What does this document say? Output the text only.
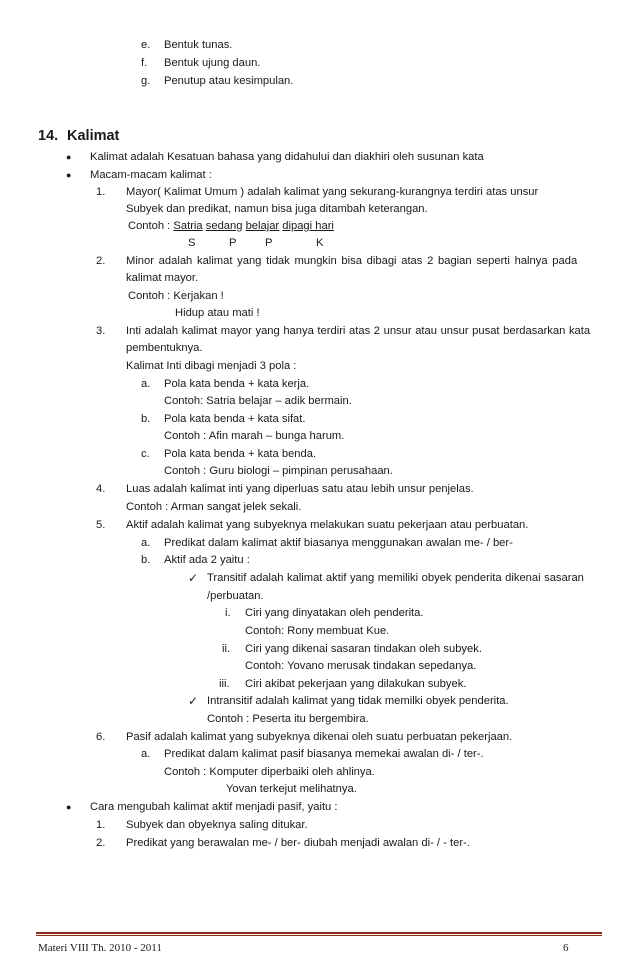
e. Bentuk tunas.
f. Bentuk ujung daun.
g. Penutup atau kesimpulan.
14. Kalimat
● Kalimat adalah Kesatuan bahasa yang didahului dan diakhiri oleh susunan kata
● Macam-macam kalimat :
1. Mayor( Kalimat Umum ) adalah kalimat yang sekurang-kurangnya terdiri atas unsur
Subyek dan predikat, namun bisa juga ditambah keterangan.
Contoh : Satria sedang belajar dipagi hari
S	P	P	K
2. Minor adalah kalimat yang tidak mungkin bisa dibagi atas 2 bagian seperti halnya pada
kalimat mayor.
Contoh : Kerjakan !
Hidup atau mati !
3. Inti adalah kalimat mayor yang hanya terdiri atas 2 unsur atau unsur pusat berdasarkan kata
pembentuknya.
Kalimat Inti dibagi menjadi 3 pola :
a. Pola kata benda + kata kerja.
Contoh: Satria belajar – adik bermain.
b. Pola kata benda + kata sifat.
Contoh : Afin marah – bunga harum.
c. Pola kata benda + kata benda.
Contoh : Guru biologi – pimpinan perusahaan.
4. Luas adalah kalimat inti yang diperluas satu atau lebih unsur penjelas.
Contoh : Arman sangat jelek sekali.
5. Aktif adalah kalimat yang subyeknya melakukan suatu pekerjaan atau perbuatan.
a. Predikat dalam kalimat aktif biasanya menggunakan awalan me- / ber-
b. Aktif ada 2 yaitu :
✓ Transitif adalah kalimat aktif yang memiliki obyek penderita dikenai sasaran
/perbuatan.
i. Ciri yang dinyatakan oleh penderita.
Contoh: Rony membuat Kue.
ii. Ciri yang dikenai sasaran tindakan oleh subyek.
Contoh: Yovano merusak tindakan sepedanya.
iii. Ciri akibat pekerjaan yang dilakukan subyek.
✓ Intransitif adalah kalimat yang tidak memilki obyek penderita.
Contoh : Peserta itu bergembira.
6. Pasif adalah kalimat yang subyeknya dikenai oleh suatu perbuatan pekerjaan.
a. Predikat dalam kalimat pasif biasanya memekai awalan di- / ter-.
Contoh : Komputer diperbaiki oleh ahlinya.
Yovan terkejut melihatnya.
● Cara mengubah kalimat aktif menjadi pasif, yaitu :
1. Subyek dan obyeknya saling ditukar.
2. Predikat yang berawalan me- / ber- diubah menjadi awalan di- / - ter-.
Materi VIII Th. 2010 - 2011	6
